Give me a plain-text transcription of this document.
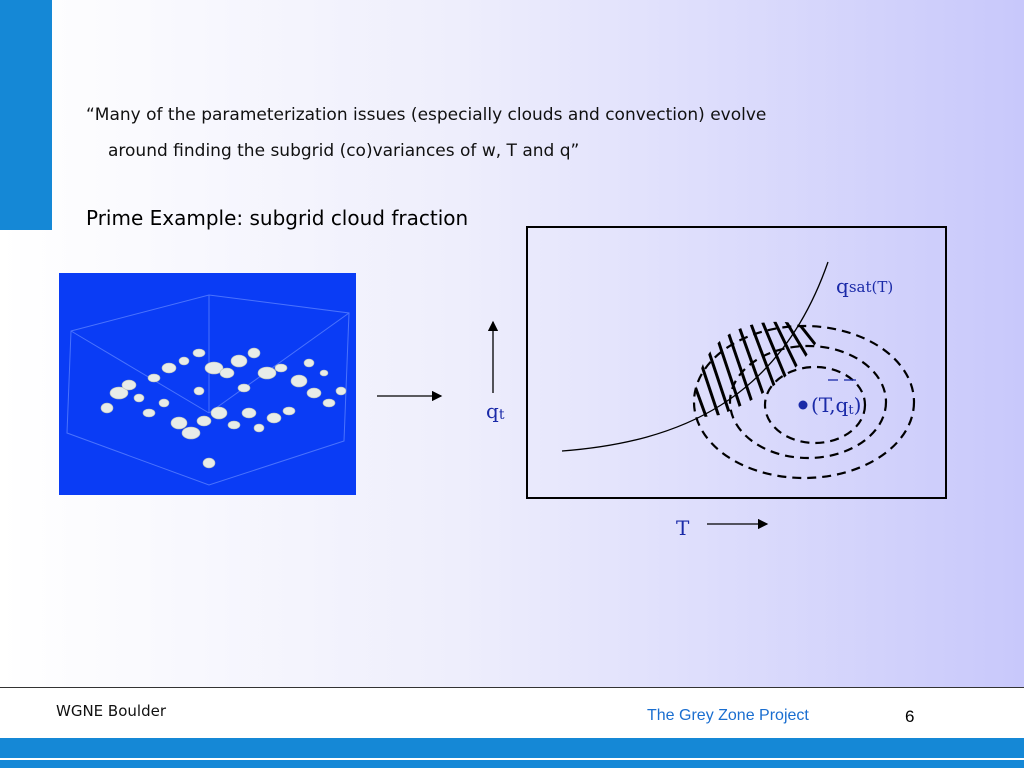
“Many of the parameterization issues (especially clouds and convection) evolve
around finding the subgrid (co)variances of w, T and q”
Prime Example: subgrid cloud fraction
(T,qt)
qsat(T)
qt
T
WGNE Boulder	The Grey Zone Project	6
